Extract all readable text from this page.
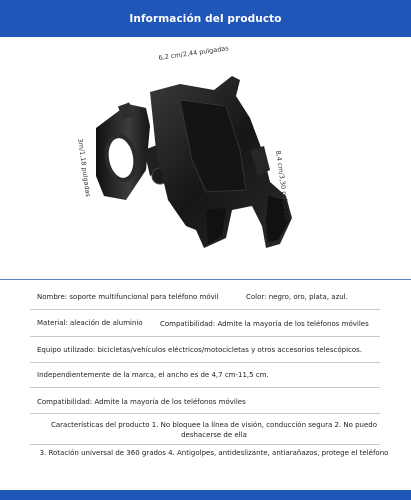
Información del producto
6,2 cm/2,44 pulgadas
8,4 cm/3,30 pulgadas
3m/1,18 pulgadas
Nombre: soporte multifuncional para teléfono móvil	Color: negro, oro, plata, azul.
Material: aleación de aluminio Compatibilidad: Admite la mayoría de los teléfonos móviles
Equipo utilizado: bicicletas/vehículos eléctricos/motocicletas y otros accesorios telescópicos.
Independientemente de la marca, el ancho es de 4,7 cm-11,5 cm.
Compatibilidad: Admite la mayoría de los teléfonos móviles
Características del producto 1. No bloquee la línea de visión, conducción segura 2. No puedo deshacerse de ella
3. Rotación universal de 360 grados 4. Antigolpes, antideslizante, antiarañazos, protege el teléfono
